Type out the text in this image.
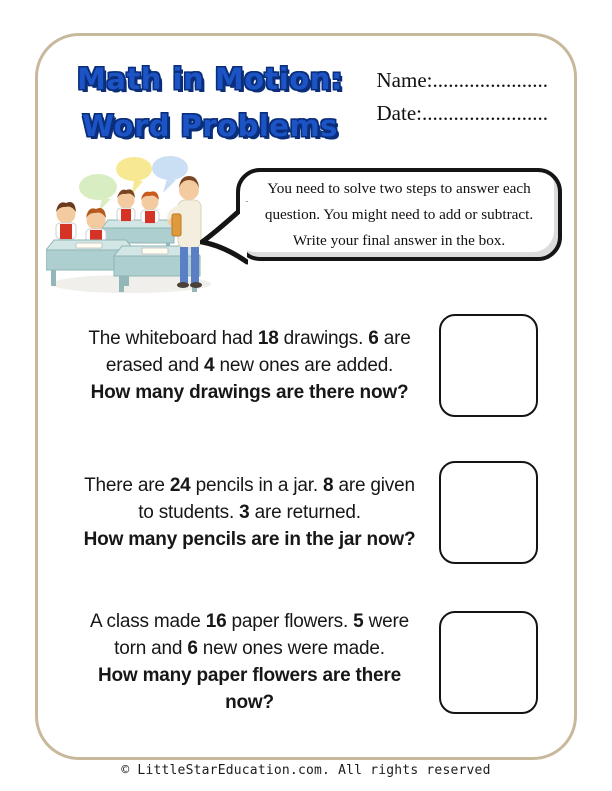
Math in Motion:
Word Problems
Name:......................
Date:........................
You need to solve two steps to answer each
question. You might need to add or subtract.
Write your final answer in the box.
The whiteboard had 18 drawings. 6 are
erased and 4 new ones are added.
How many drawings are there now?
There are 24 pencils in a jar. 8 are given
to students. 3 are returned.
How many pencils are in the jar now?
A class made 16 paper flowers. 5 were
torn and 6 new ones were made.
How many paper flowers are there
now?
© LittleStarEducation.com. All rights reserved
